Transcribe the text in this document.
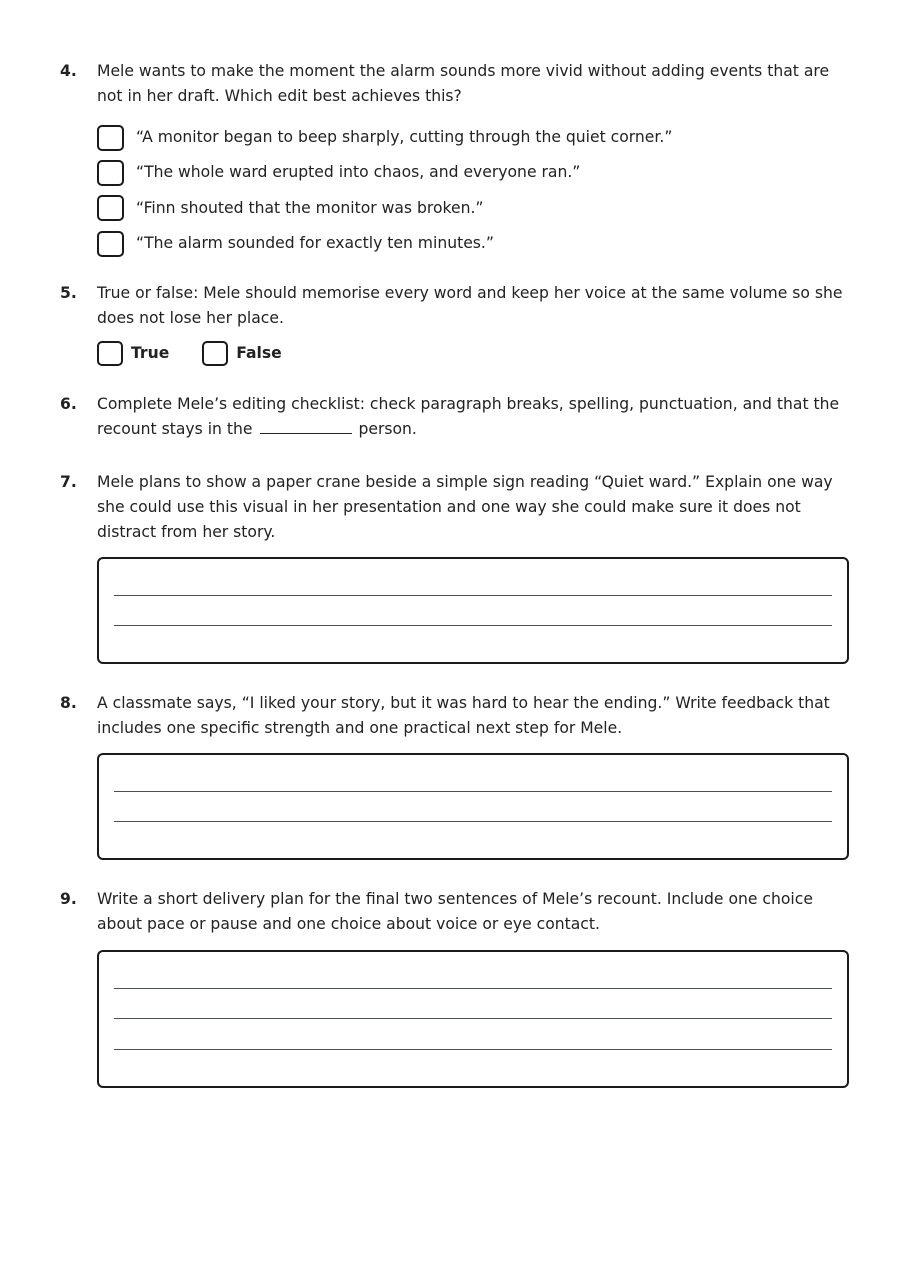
4.	Mele wants to make the moment the alarm sounds more vivid without adding events that are not in her draft. Which edit best achieves this?
“A monitor began to beep sharply, cutting through the quiet corner.”
“The whole ward erupted into chaos, and everyone ran.”
“Finn shouted that the monitor was broken.”
“The alarm sounded for exactly ten minutes.”
5.	True or false: Mele should memorise every word and keep her voice at the same volume so she does not lose her place.
True	False
6.	Complete Mele’s editing checklist: check paragraph breaks, spelling, punctuation, and that the recount stays in the	person.
7.	Mele plans to show a paper crane beside a simple sign reading “Quiet ward.” Explain one way she could use this visual in her presentation and one way she could make sure it does not distract from her story.
8.	A classmate says, “I liked your story, but it was hard to hear the ending.” Write feedback that includes one specific strength and one practical next step for Mele.
9.	Write a short delivery plan for the final two sentences of Mele’s recount. Include one choice about pace or pause and one choice about voice or eye contact.
